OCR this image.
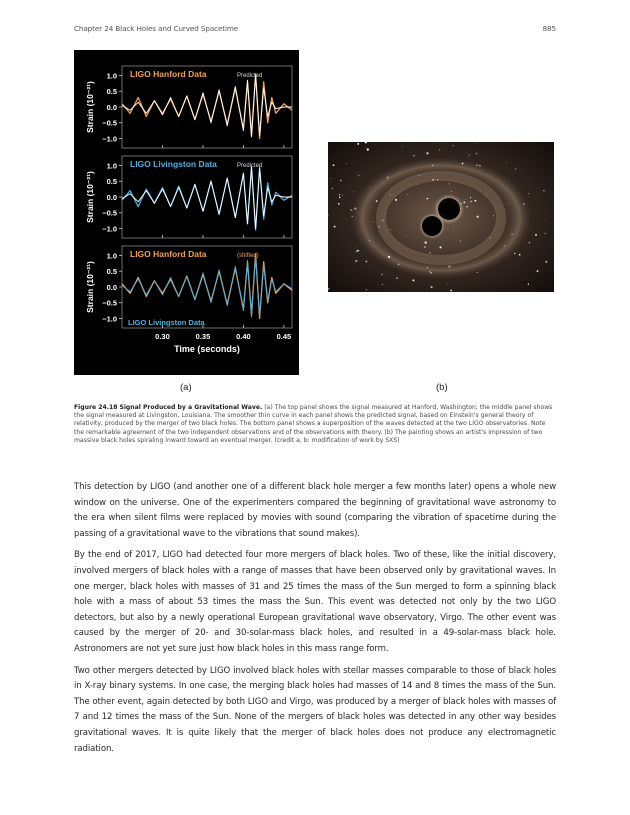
Chapter 24 Black Holes and Curved Spacetime	885
1.0
0.5
0.0
−0.5
−1.0
LIGO Hanford Data	Predicted
Strain (10⁻²¹)
1.0
0.5
0.0
−0.5
−1.0
LIGO Livingston Data	Predicted
Strain (10⁻²¹)
1.0
0.5
0.0
−0.5
−1.0
LIGO Hanford Data	(shifted)
Strain (10⁻²¹)
LIGO Livingston Data
0.30	0.35	0.40	0.45
Time (seconds)
(a)	(b)
Figure 24.18 Signal Produced by a Gravitational Wave. (a) The top panel shows the signal measured at Hanford, Washington; the middle panel shows the signal measured at Livingston, Louisiana. The smoother thin curve in each panel shows the predicted signal, based on Einstein's general theory of relativity, produced by the merger of two black holes. The bottom panel shows a superposition of the waves detected at the two LIGO observatories. Note the remarkable agreement of the two independent observations and of the observations with theory. (b) The painting shows an artist's impression of two massive black holes spiraling inward toward an eventual merger. (credit a, b: modification of work by SXS)

This detection by LIGO (and another one of a different black hole merger a few months later) opens a whole new window on the universe. One of the experimenters compared the beginning of gravitational wave astronomy to the era when silent films were replaced by movies with sound (comparing the vibration of spacetime during the passing of a gravitational wave to the vibrations that sound makes).

By the end of 2017, LIGO had detected four more mergers of black holes. Two of these, like the initial discovery, involved mergers of black holes with a range of masses that have been observed only by gravitational waves. In one merger, black holes with masses of 31 and 25 times the mass of the Sun merged to form a spinning black hole with a mass of about 53 times the mass the Sun. This event was detected not only by the two LIGO detectors, but also by a newly operational European gravitational wave observatory, Virgo. The other event was caused by the merger of 20- and 30-solar-mass black holes, and resulted in a 49-solar-mass black hole. Astronomers are not yet sure just how black holes in this mass range form.

Two other mergers detected by LIGO involved black holes with stellar masses comparable to those of black holes in X-ray binary systems. In one case, the merging black holes had masses of 14 and 8 times the mass of the Sun. The other event, again detected by both LIGO and Virgo, was produced by a merger of black holes with masses of 7 and 12 times the mass of the Sun. None of the mergers of black holes was detected in any other way besides gravitational waves. It is quite likely that the merger of black holes does not produce any electromagnetic radiation.
